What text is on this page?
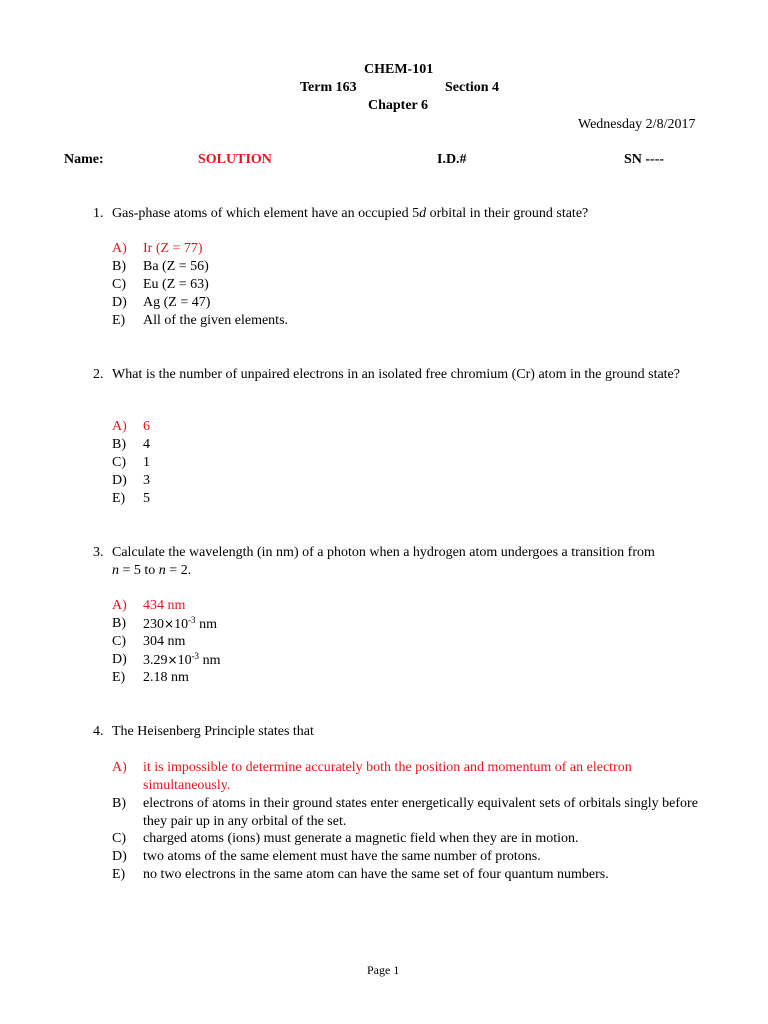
CHEM-101
Term 163	Section 4
Chapter 6
Wednesday 2/8/2017
Name:	SOLUTION	I.D.#	SN ----
1. Gas-phase atoms of which element have an occupied 5d orbital in their ground state?
A) Ir (Z = 77)
B) Ba (Z = 56)
C) Eu (Z = 63)
D) Ag (Z = 47)
E) All of the given elements.
2. What is the number of unpaired electrons in an isolated free chromium (Cr) atom in the ground state?
A) 6
B) 4
C) 1
D) 3
E) 5
3. Calculate the wavelength (in nm) of a photon when a hydrogen atom undergoes a transition from
n = 5 to n = 2.
A) 434 nm
B) $230\times 10^{-3}$ nm
C) 304 nm
D) $3.29\times 10^{-3}$ nm
E) 2.18 nm
4. The Heisenberg Principle states that
A) it is impossible to determine accurately both the position and momentum of an electron simultaneously.
B) electrons of atoms in their ground states enter energetically equivalent sets of orbitals singly before they pair up in any orbital of the set.
C) charged atoms (ions) must generate a magnetic field when they are in motion.
D) two atoms of the same element must have the same number of protons.
E) no two electrons in the same atom can have the same set of four quantum numbers.
Page 1
